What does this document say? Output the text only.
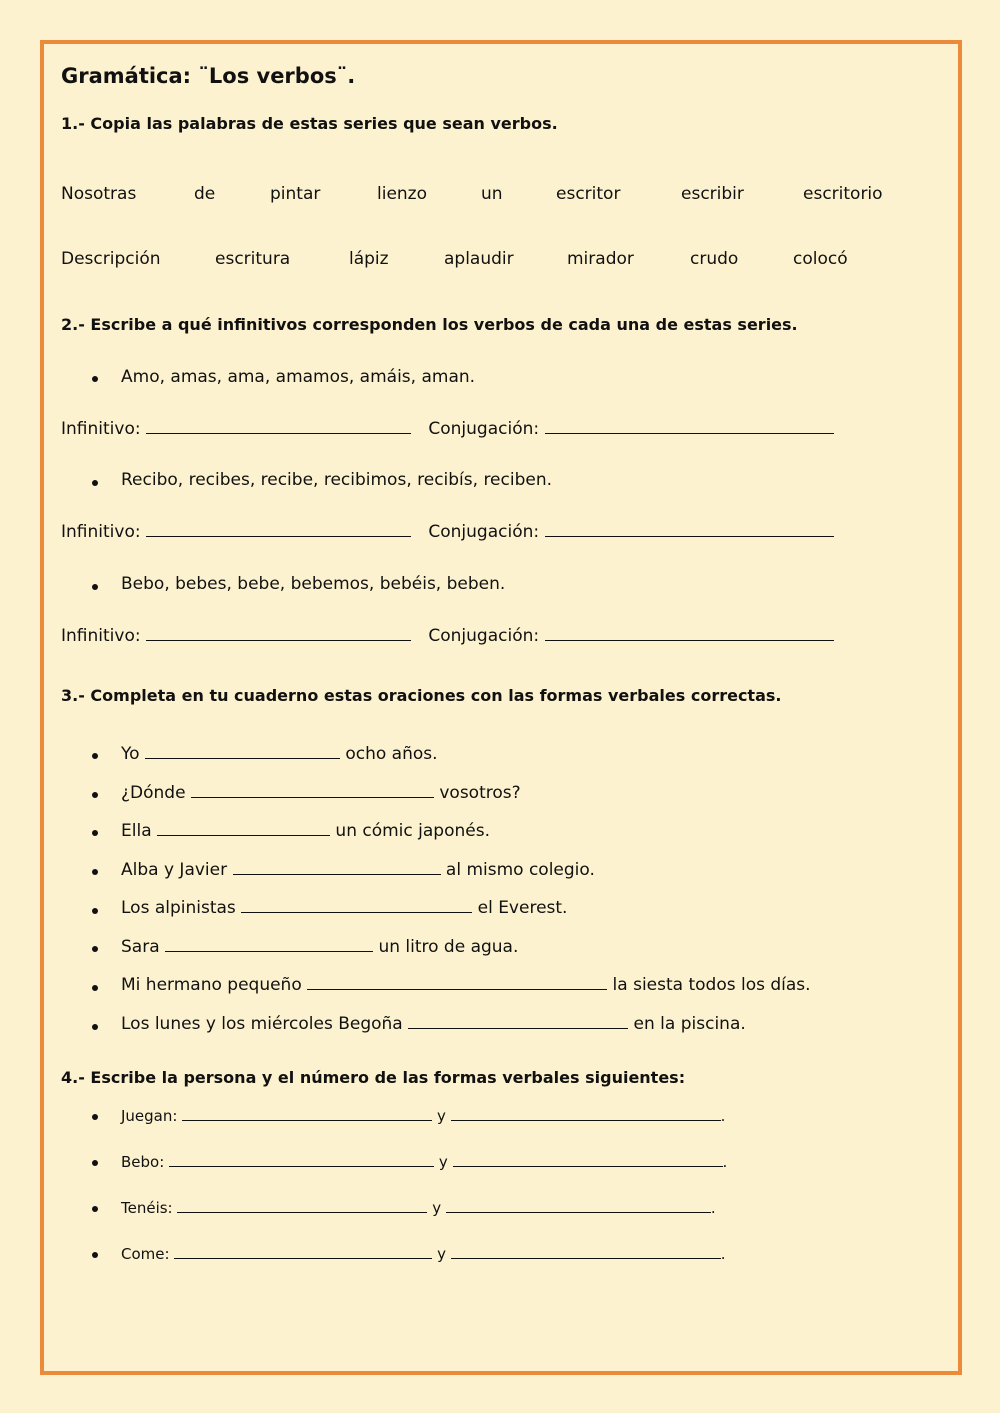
Gramática: ¨Los verbos¨.
1.- Copia las palabras de estas series que sean verbos.
Nosotras	de	pintar	lienzo	un	escritor	escribir	escritorio
Descripción	escritura	lápiz	aplaudir	mirador	crudo	colocó
2.- Escribe a qué infinitivos corresponden los verbos de cada una de estas series.
Amo, amas, ama, amamos, amáis, aman.
Infinitivo:	Conjugación:
Recibo, recibes, recibe, recibimos, recibís, reciben.
Infinitivo:	Conjugación:
Bebo, bebes, bebe, bebemos, bebéis, beben.
Infinitivo:	Conjugación:
3.- Completa en tu cuaderno estas oraciones con las formas verbales correctas.
Yo	ocho años.
¿Dónde	vosotros?
Ella	un cómic japonés.
Alba y Javier	al mismo colegio.
Los alpinistas	el Everest.
Sara	un litro de agua.
Mi hermano pequeño	la siesta todos los días.
Los lunes y los miércoles Begoña	en la piscina.
4.- Escribe la persona y el número de las formas verbales siguientes:
Juegan:	y	.
Bebo:	y	.
Tenéis:	y	.
Come:	y	.
